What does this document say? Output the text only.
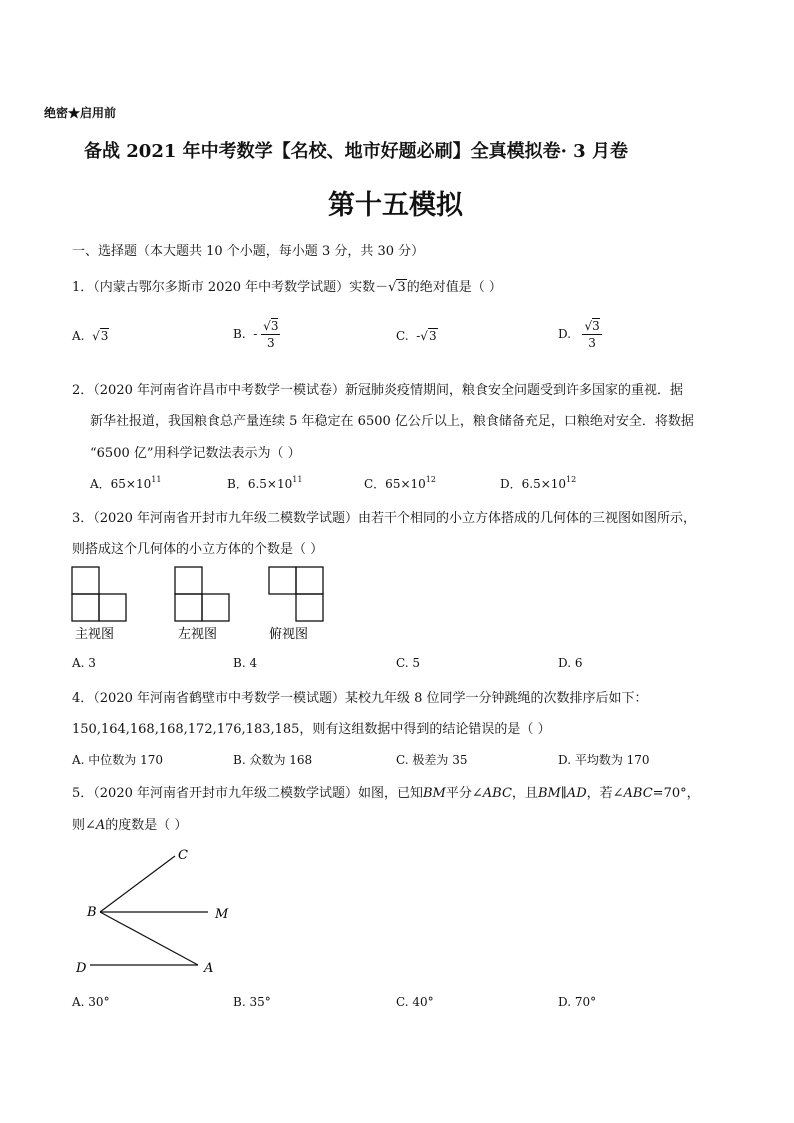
绝密★启用前
备战 2021 年中考数学【名校、地市好题必刷】全真模拟卷· 3 月卷
第十五模拟
一、选择题（本大题共 10 个小题，每小题 3 分，共 30 分）
1．（内蒙古鄂尔多斯市 2020 年中考数学试题）实数－√3的绝对值是（ ）
A. √3	B. - $\frac{√3}{3}$	C. -√3	D. $\frac{√3}{3}$
2．（2020 年河南省许昌市中考数学一模试卷）新冠肺炎疫情期间，粮食安全问题受到许多国家的重视．据
新华社报道，我国粮食总产量连续 5 年稳定在 6500 亿公斤以上，粮食储备充足，口粮绝对安全．将数据
“6500 亿”用科学记数法表示为（ ）
A．$65\times 10^{11}$	B．$6.5\times 10^{11}$	C．$65\times 10^{12}$	D．$6.5\times 10^{12}$
3．（2020 年河南省开封市九年级二模数学试题）由若干个相同的小立方体搭成的几何体的三视图如图所示，
则搭成这个几何体的小立方体的个数是（ ）
主视图	左视图	俯视图
A. 3	B. 4	C. 5	D. 6
4．（2020 年河南省鹤壁市中考数学一模试题）某校九年级 8 位同学一分钟跳绳的次数排序后如下：
150,164,168,168,172,176,183,185，则有这组数据中得到的结论错误的是（ ）
A. 中位数为 170	B. 众数为 168	C. 极差为 35	D. 平均数为 170
5．（2020 年河南省开封市九年级二模数学试题）如图，已知BM平分∠ABC，且BM∥AD，若∠ABC=70°，
则∠A的度数是（ ）
C
B	M
D	A
A. 30°	B. 35°	C. 40°	D. 70°
